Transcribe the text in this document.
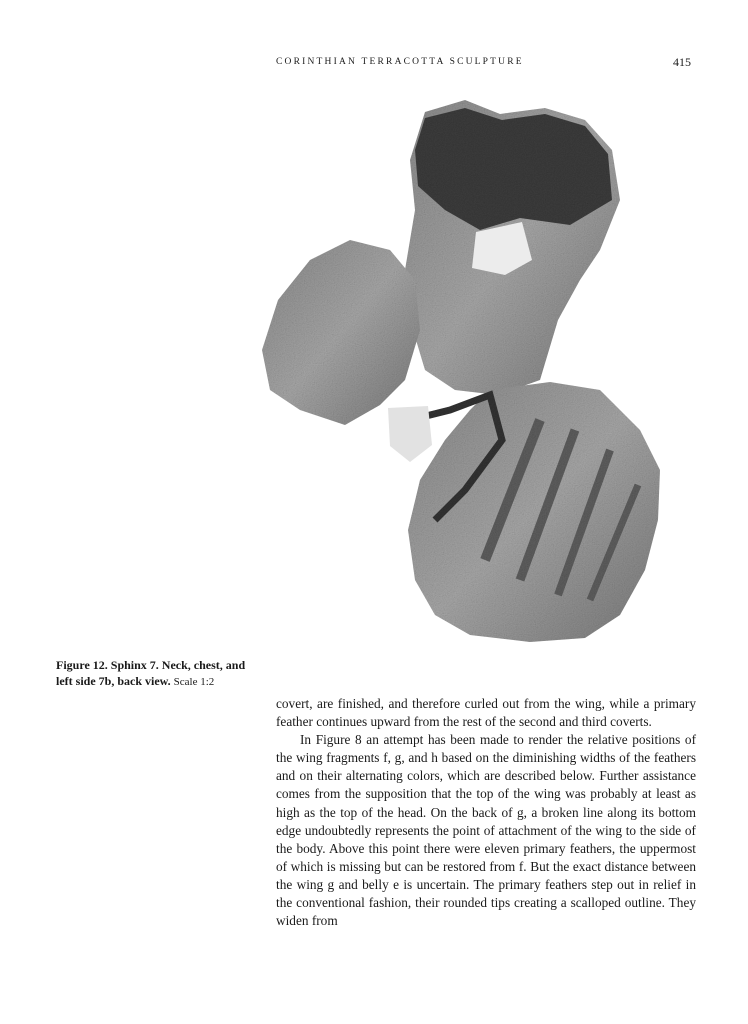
CORINTHIAN TERRACOTTA SCULPTURE	415
Figure 12. Sphinx 7. Neck, chest, and left side 7b, back view. Scale 1:2

covert, are finished, and therefore curled out from the wing, while a primary feather continues upward from the rest of the second and third coverts.

In Figure 8 an attempt has been made to render the relative positions of the wing fragments f, g, and h based on the diminishing widths of the feathers and on their alternating colors, which are described below. Further assistance comes from the supposition that the top of the wing was probably at least as high as the top of the head. On the back of g, a broken line along its bottom edge undoubtedly represents the point of attachment of the wing to the side of the body. Above this point there were eleven primary feathers, the uppermost of which is missing but can be restored from f. But the exact distance between the wing g and belly e is uncertain. The primary feathers step out in relief in the conventional fashion, their rounded tips creating a scalloped outline. They widen from
